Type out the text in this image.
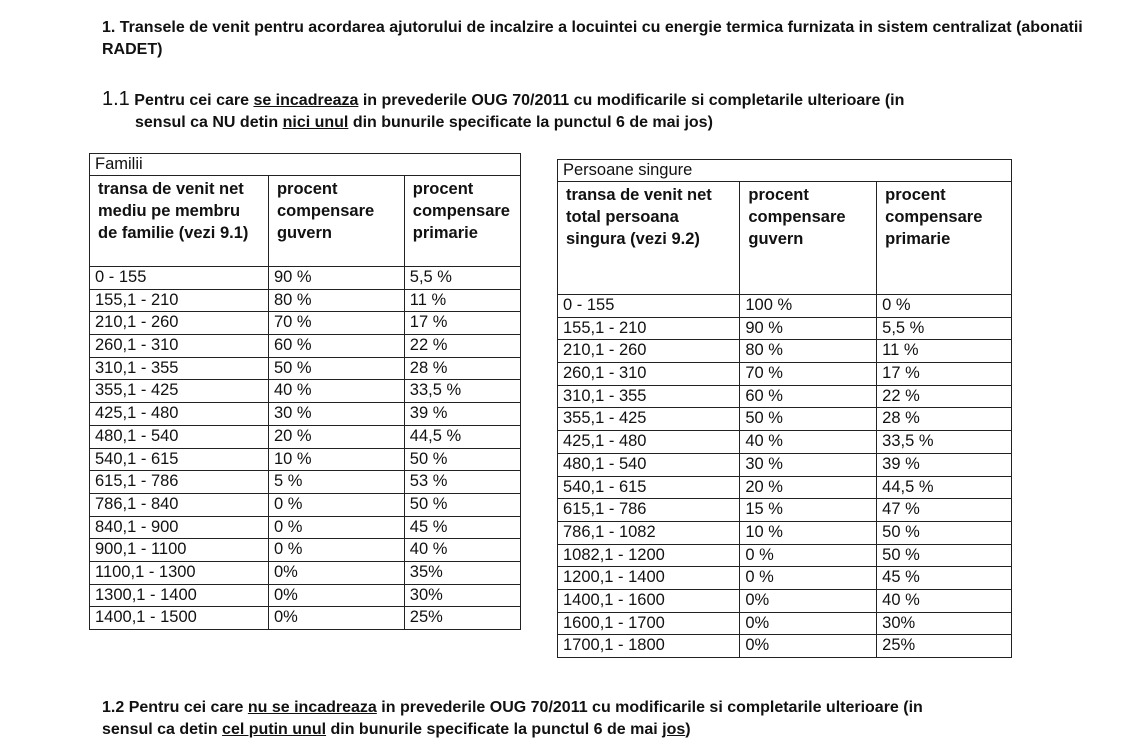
1. Transele de venit pentru acordarea ajutorului de incalzire a locuintei cu energie termica furnizata in sistem centralizat (abonatii RADET)
1.1 Pentru cei care se incadreaza in prevederile OUG 70/2011 cu modificarile si completarile ulterioare (in
sensul ca NU detin nici unul din bunurile specificate la punctul 6 de mai jos)
Familii		
transa de venit net mediu pe membru de familie (vezi 9.1)	procent compensare guvern	procent compensare primarie
0 - 155	90 %	5,5 %
155,1 - 210	80 %	11 %
210,1 - 260	70 %	17 %
260,1 - 310	60 %	22 %
310,1 - 355	50 %	28 %
355,1 - 425	40 %	33,5 %
425,1 - 480	30 %	39 %
480,1 - 540	20 %	44,5 %
540,1 - 615	10 %	50 %
615,1 - 786	5 %	53 %
786,1 - 840	0 %	50 %
840,1 - 900	0 %	45 %
900,1 - 1100	0 %	40 %
1100,1 - 1300	0%	35%
1300,1 - 1400	0%	30%
1400,1 - 1500	0%	25%
Persoane singure		
transa de venit net total persoana singura (vezi 9.2)	procent compensare guvern	procent compensare primarie
0 - 155	100 %	0 %
155,1 - 210	90 %	5,5 %
210,1 - 260	80 %	11 %
260,1 - 310	70 %	17 %
310,1 - 355	60 %	22 %
355,1 - 425	50 %	28 %
425,1 - 480	40 %	33,5 %
480,1 - 540	30 %	39 %
540,1 - 615	20 %	44,5 %
615,1 - 786	15 %	47 %
786,1 - 1082	10 %	50 %
1082,1 - 1200	0 %	50 %
1200,1 - 1400	0 %	45 %
1400,1 - 1600	0%	40 %
1600,1 - 1700	0%	30%
1700,1 - 1800	0%	25%
1.2 Pentru cei care nu se incadreaza in prevederile OUG 70/2011 cu modificarile si completarile ulterioare (in
sensul ca detin cel putin unul din bunurile specificate la punctul 6 de mai jos)
